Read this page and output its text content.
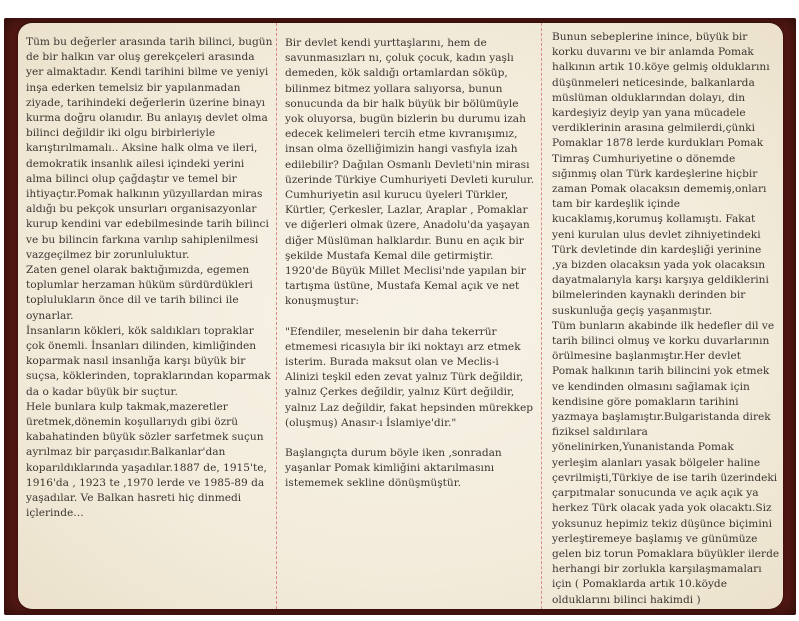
Tüm bu değerler arasında tarih bilinci, bugün de bir halkın var oluş gerekçeleri arasında yer almaktadır. Kendi tarihini bilme ve yeniyi inşa ederken temelsiz bir yapılanmadan ziyade, tarihindeki değerlerin üzerine binayı kurma doğru olanıdır. Bu anlayış devlet olma bilinci değildir iki olgu birbirleriyle karıştırılmamalı.. Aksine halk olma ve ileri, demokratik insanlık ailesi içindeki yerini alma bilinci olup çağdaştır ve temel bir ihtiyaçtır.Pomak halkının yüzyıllardan miras aldığı bu pekçok unsurları organisazyonlar kurup kendini var edebilmesinde tarih bilinci ve bu bilincin farkına varılıp sahiplenilmesi vazgeçilmez bir zorunluluktur.

Zaten genel olarak baktığımızda, egemen toplumlar herzaman hüküm sürdürdükleri toplulukların önce dil ve tarih bilinci ile oynarlar.

İnsanların kökleri, kök saldıkları topraklar çok önemli. İnsanları dilinden, kimliğinden koparmak nasıl insanlığa karşı büyük bir suçsa, köklerinden, topraklarından koparmak da o kadar büyük bir suçtur.

Hele bunlara kulp takmak,mazeretler üretmek,dönemin koşullarıydı gibi özrü kabahatinden büyük sözler sarfetmek suçun ayrılmaz bir parçasıdır.Balkanlar'dan koparıldıklarında yaşadılar.1887 de, 1915'te, 1916'da , 1923 te ,1970 lerde ve 1985-89 da yaşadılar. Ve Balkan hasreti hiç dinmedi içlerinde…

Bir devlet kendi yurttaşlarını, hem de savunmasızları nı, çoluk çocuk, kadın yaşlı demeden, kök saldığı ortamlardan söküp, bilinmez bitmez yollara salıyorsa, bunun sonucunda da bir halk büyük bir bölümüyle yok oluyorsa, bugün bizlerin bu durumu izah edecek kelimeleri tercih etme kıvranışımız, insan olma özelliğimizin hangi vasfıyla izah edilebilir? Dağılan Osmanlı Devleti'nin mirası üzerinde Türkiye Cumhuriyeti Devleti kurulur. Cumhuriyetin asıl kurucu üyeleri Türkler, Kürtler, Çerkesler, Lazlar, Araplar , Pomaklar ve diğerleri olmak üzere, Anadolu'da yaşayan diğer Müslüman halklardır. Bunu en açık bir şekilde Mustafa Kemal dile getirmiştir. 1920'de Büyük Millet Meclisi'nde yapılan bir tartışma üstüne, Mustafa Kemal açık ve net konuşmuştur:

"Efendiler, meselenin bir daha tekerrür etmemesi ricasıyla bir iki noktayı arz etmek isterim. Burada maksut olan ve Meclis-i Alinizi teşkil eden zevat yalnız Türk değildir, yalnız Çerkes değildir, yalnız Kürt değildir, yalnız Laz değildir, fakat hepsinden mürekkep (oluşmuş) Anasır-ı İslamiye'dir."

Başlangıçta durum böyle iken ,sonradan yaşanlar Pomak kimliğini aktarılmasını istememek sekline dönüşmüştür.

Bunun sebeplerine inince, büyük bir korku duvarını ve bir anlamda Pomak halkının artık 10.köye gelmiş olduklarını düşünmeleri neticesinde, balkanlarda müslüman olduklarından dolayı, din kardeşiyiz deyip yan yana mücadele verdiklerinin arasına gelmilerdi,çünki Pomaklar 1878 lerde kurdukları Pomak Timraş Cumhuriyetine o dönemde sığınmış olan Türk kardeşlerine hiçbir zaman Pomak olacaksın dememiş,onları tam bir kardeşlik içinde kucaklamış,korumuş kollamıştı. Fakat yeni kurulan ulus devlet zihniyetindeki Türk devletinde din kardeşliği yerinine ,ya bizden olacaksın yada yok olacaksın dayatmalarıyla karşı karşıya geldiklerini bilmelerinden kaynaklı derinden bir suskunluğa geçiş yaşanmıştır.

Tüm bunların akabinde ilk hedefler dil ve tarih bilinci olmuş ve korku duvarlarının örülmesine başlanmıştır.Her devlet Pomak halkının tarih bilincini yok etmek ve kendinden olmasını sağlamak için kendisine göre pomakların tarihini yazmaya başlamıştır.Bulgaristanda direk fiziksel saldırılara yönelinirken,Yunanistanda Pomak yerleşim alanları yasak bölgeler haline çevrilmişti,Türkiye de ise tarih üzerindeki çarpıtmalar sonucunda ve açık açık ya herkez Türk olacak yada yok olacaktı.Siz yoksunuz hepimiz tekiz düşünce biçimini yerleştiremeye başlamış ve günümüze gelen biz torun Pomaklara büyükler ilerde herhangi bir zorlukla karşılaşmamaları için ( Pomaklarda artık 10.köyde olduklarını bilinci hakimdi )
